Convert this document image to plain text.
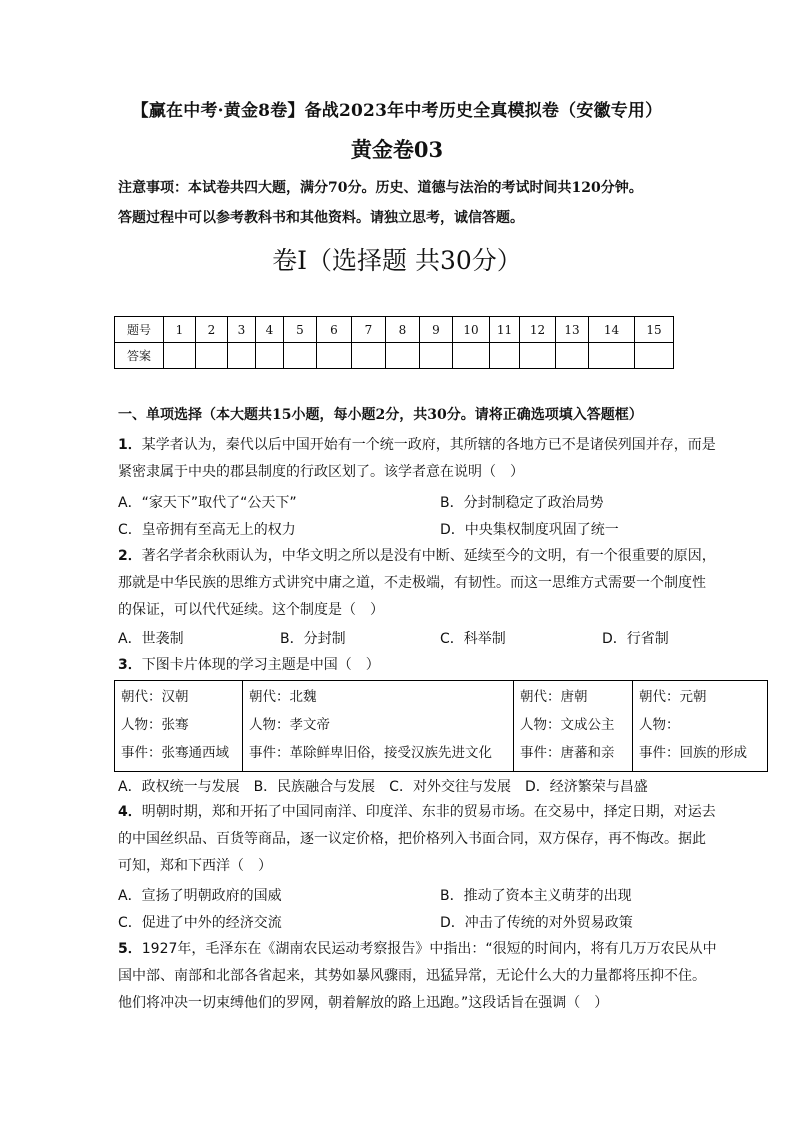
【赢在中考·黄金8卷】备战2023年中考历史全真模拟卷（安徽专用）
黄金卷03
注意事项：本试卷共四大题，满分70分。历史、道德与法治的考试时间共120分钟。
答题过程中可以参考教科书和其他资料。请独立思考，诚信答题。
卷Ⅰ（选择题 共30分）
题号	1	2	3	4	5	6	7	8	9	10	11	12	13	14	15
答案															
一、单项选择（本大题共15小题，每小题2分，共30分。请将正确选项填入答题框）
1．某学者认为，秦代以后中国开始有一个统一政府，其所辖的各地方已不是诸侯列国并存，而是
紧密隶属于中央的郡县制度的行政区划了。该学者意在说明（　）
A．“家天下”取代了“公天下”	B．分封制稳定了政治局势
C．皇帝拥有至高无上的权力	D．中央集权制度巩固了统一
2．著名学者余秋雨认为，中华文明之所以是没有中断、延续至今的文明，有一个很重要的原因，
那就是中华民族的思维方式讲究中庸之道，不走极端，有韧性。而这一思维方式需要一个制度性
的保证，可以代代延续。这个制度是（　）
A．世袭制	B．分封制	C．科举制	D．行省制
3．下图卡片体现的学习主题是中国（　）
朝代：汉朝
人物：张骞
事件：张骞通西域

朝代：北魏
人物：孝文帝
事件：革除鲜卑旧俗，接受汉族先进文化

朝代：唐朝
人物：文成公主
事件：唐蕃和亲

朝代：元朝
人物：
事件：回族的形成
A．政权统一与发展　B．民族融合与发展　C．对外交往与发展　D．经济繁荣与昌盛
4．明朝时期，郑和开拓了中国同南洋、印度洋、东非的贸易市场。在交易中，择定日期，对运去
的中国丝织品、百货等商品，逐一议定价格，把价格列入书面合同，双方保存，再不悔改。据此
可知，郑和下西洋（　）
A．宣扬了明朝政府的国威	B．推动了资本主义萌芽的出现
C．促进了中外的经济交流	D．冲击了传统的对外贸易政策
5．1927年，毛泽东在《湖南农民运动考察报告》中指出：“很短的时间内，将有几万万农民从中
国中部、南部和北部各省起来，其势如暴风骤雨，迅猛异常，无论什么大的力量都将压抑不住。
他们将冲决一切束缚他们的罗网，朝着解放的路上迅跑。”这段话旨在强调（　）
